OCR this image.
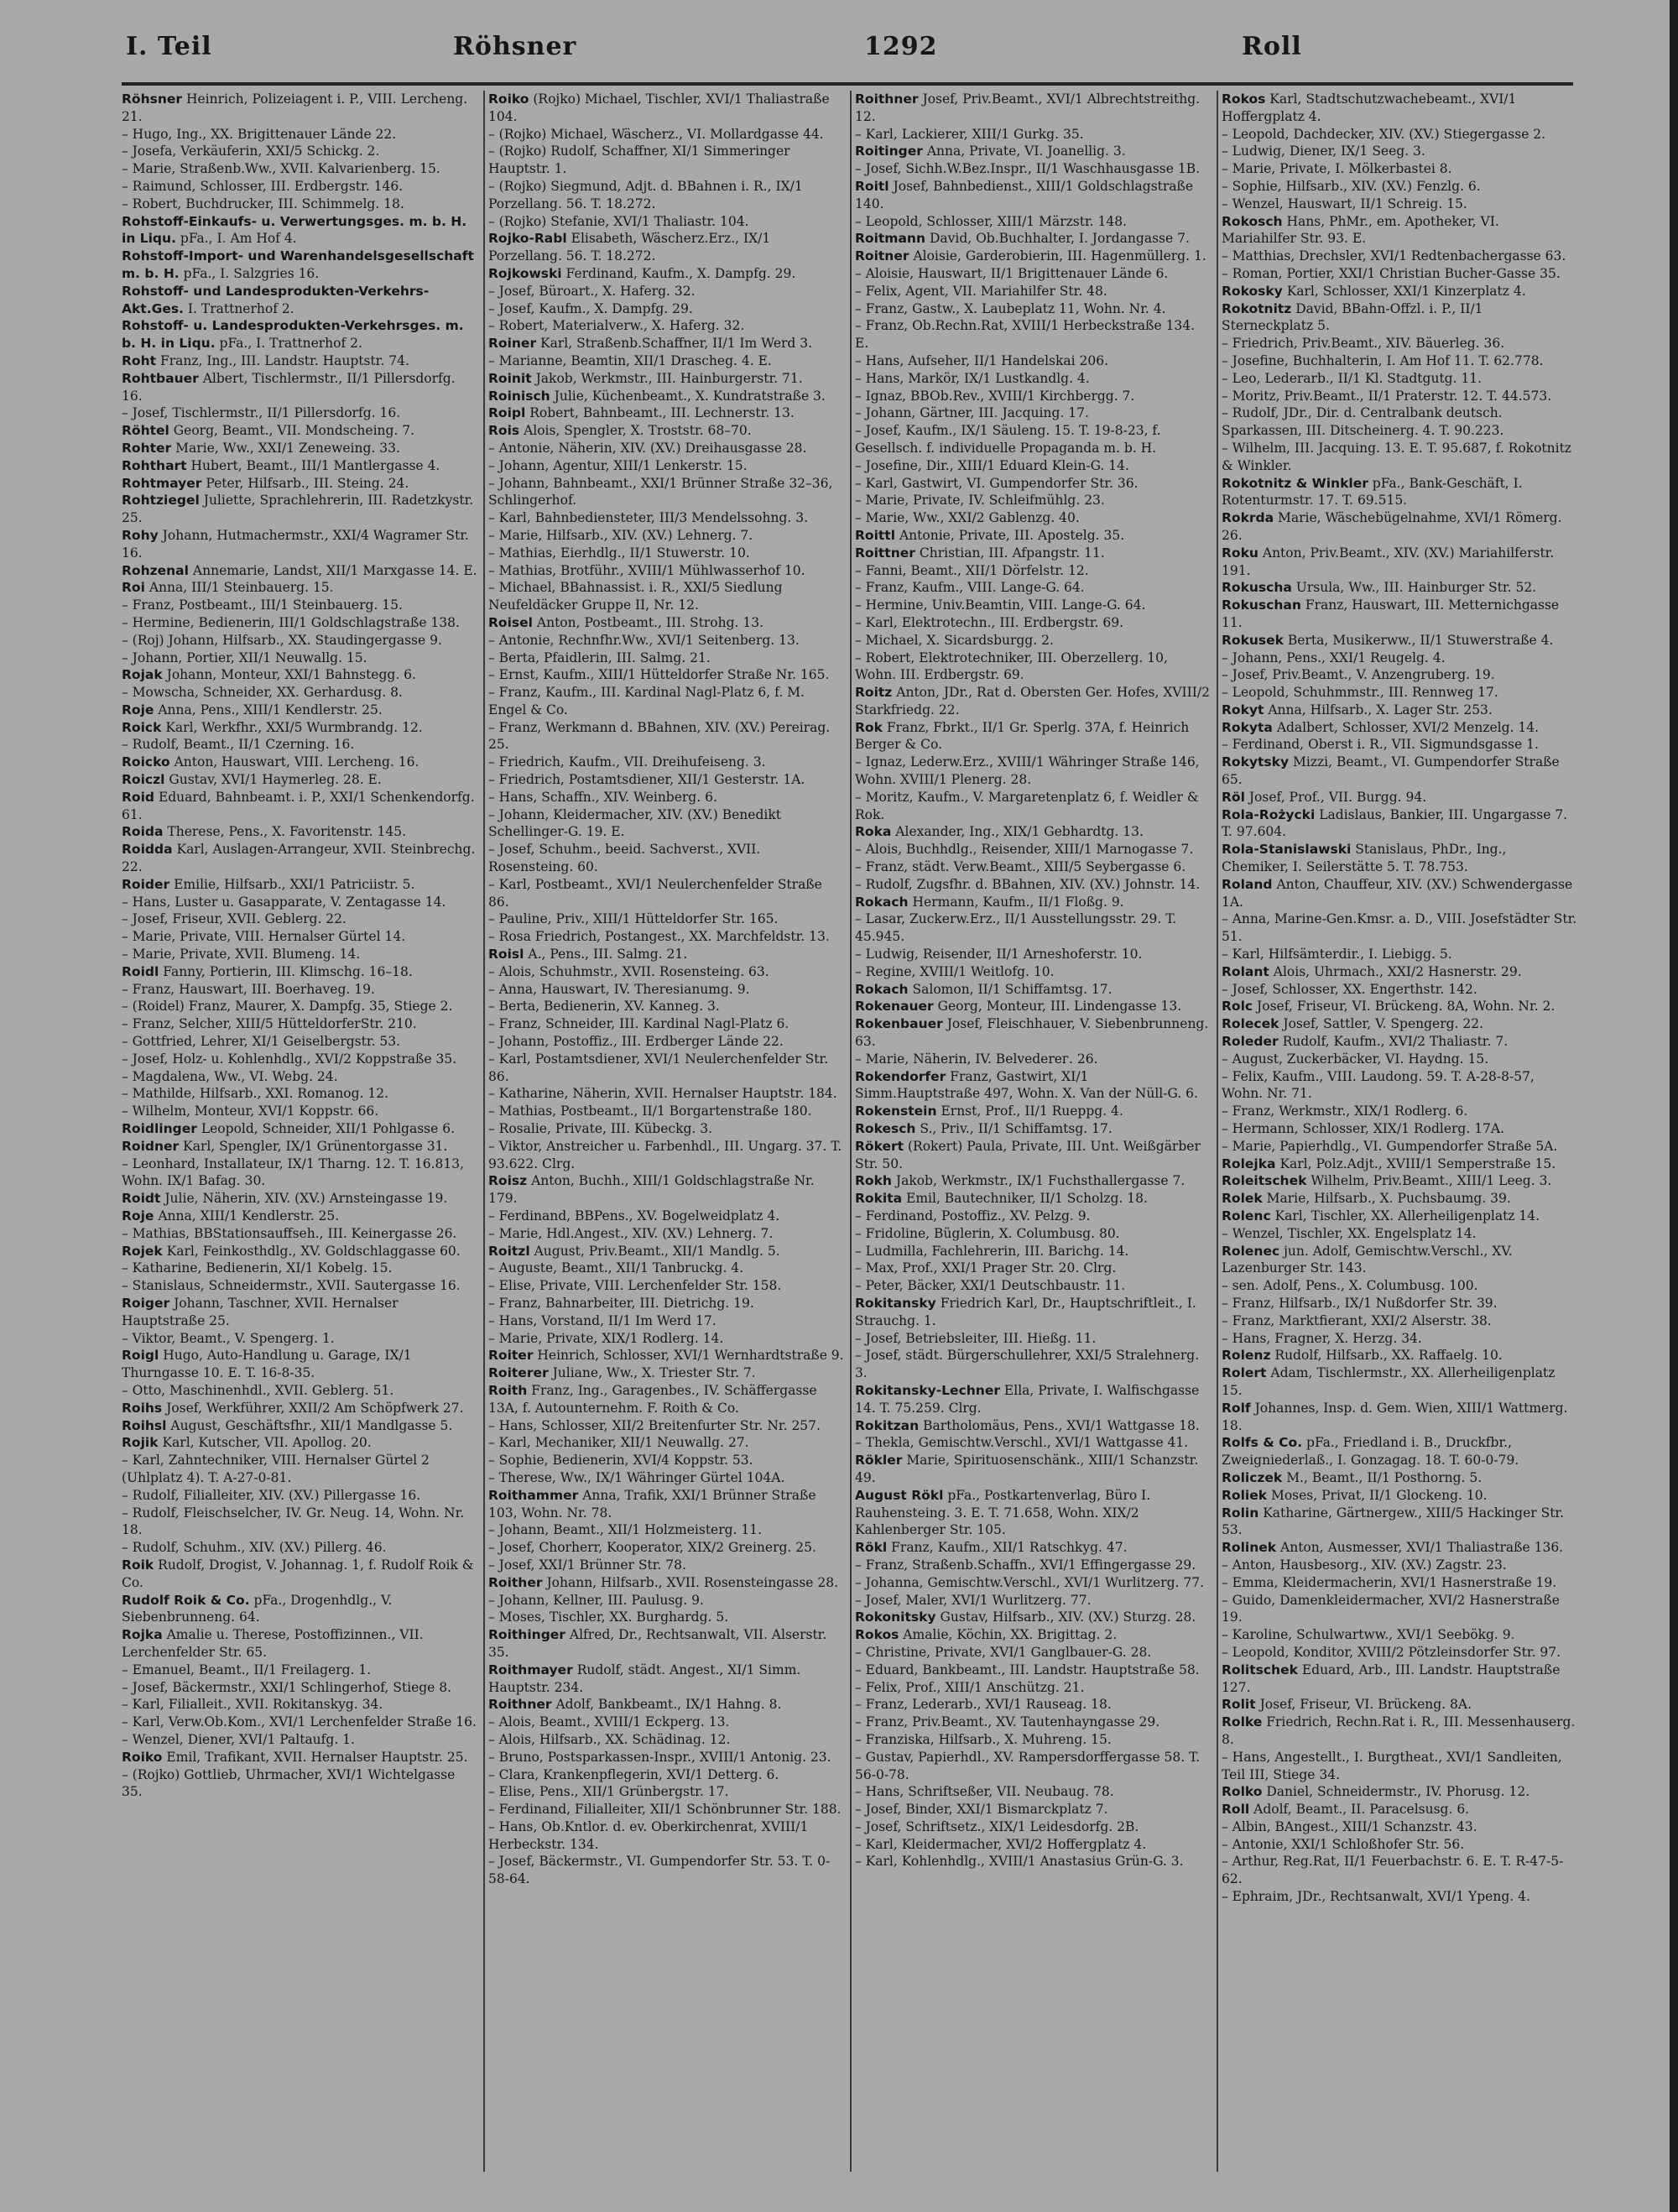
I. Teil	Röhsner	1292	Roll

Röhsner Heinrich, Polizeiagent i. P., VIII. Lercheng. 21.

– Hugo, Ing., XX. Brigittenauer Lände 22.

– Josefa, Verkäuferin, XXI/5 Schickg. 2.

– Marie, Straßenb.Ww., XVII. Kalvarienberg. 15.

– Raimund, Schlosser, III. Erdbergstr. 146.

– Robert, Buchdrucker, III. Schimmelg. 18.

Rohstoff-Einkaufs- u. Verwertungsges. m. b. H. in Liqu. pFa., I. Am Hof 4.

Rohstoff-Import- und Warenhandelsgesellschaft m. b. H. pFa., I. Salzgries 16.

Rohstoff- und Landesprodukten-Verkehrs-Akt.Ges. I. Trattnerhof 2.

Rohstoff- u. Landesprodukten-Verkehrsges. m. b. H. in Liqu. pFa., I. Trattnerhof 2.

Roht Franz, Ing., III. Landstr. Hauptstr. 74.

Rohtbauer Albert, Tischlermstr., II/1 Pillersdorfg. 16.

– Josef, Tischlermstr., II/1 Pillersdorfg. 16.

Röhtel Georg, Beamt., VII. Mondscheing. 7.

Rohter Marie, Ww., XXI/1 Zeneweing. 33.

Rohthart Hubert, Beamt., III/1 Mantlergasse 4.

Rohtmayer Peter, Hilfsarb., III. Steing. 24.

Rohtziegel Juliette, Sprachlehrerin, III. Radetzkystr. 25.

Rohy Johann, Hutmachermstr., XXI/4 Wagramer Str. 16.

Rohzenal Annemarie, Landst, XII/1 Marxgasse 14. E.

Roi Anna, III/1 Steinbauerg. 15.

– Franz, Postbeamt., III/1 Steinbauerg. 15.

– Hermine, Bedienerin, III/1 Goldschlagstraße 138.

– (Roj) Johann, Hilfsarb., XX. Staudingergasse 9.

– Johann, Portier, XII/1 Neuwallg. 15.

Rojak Johann, Monteur, XXI/1 Bahnstegg. 6.

– Mowscha, Schneider, XX. Gerhardusg. 8.

Roje Anna, Pens., XIII/1 Kendlerstr. 25.

Roick Karl, Werkfhr., XXI/5 Wurmbrandg. 12.

– Rudolf, Beamt., II/1 Czerning. 16.

Roicko Anton, Hauswart, VIII. Lercheng. 16.

Roiczl Gustav, XVI/1 Haymerleg. 28. E.

Roid Eduard, Bahnbeamt. i. P., XXI/1 Schenkendorfg. 61.

Roida Therese, Pens., X. Favoritenstr. 145.

Roidda Karl, Auslagen-Arrangeur, XVII. Steinbrechg. 22.

Roider Emilie, Hilfsarb., XXI/1 Patriciistr. 5.

– Hans, Luster u. Gasapparate, V. Zentagasse 14.

– Josef, Friseur, XVII. Geblerg. 22.

– Marie, Private, VIII. Hernalser Gürtel 14.

– Marie, Private, XVII. Blumeng. 14.

Roidl Fanny, Portierin, III. Klimschg. 16–18.

– Franz, Hauswart, III. Boerhaveg. 19.

– (Roidel) Franz, Maurer, X. Dampfg. 35, Stiege 2.

– Franz, Selcher, XIII/5 HütteldorferStr. 210.

– Gottfried, Lehrer, XI/1 Geiselbergstr. 53.

– Josef, Holz- u. Kohlenhdlg., XVI/2 Koppstraße 35.

– Magdalena, Ww., VI. Webg. 24.

– Mathilde, Hilfsarb., XXI. Romanog. 12.

– Wilhelm, Monteur, XVI/1 Koppstr. 66.

Roidlinger Leopold, Schneider, XII/1 Pohlgasse 6.

Roidner Karl, Spengler, IX/1 Grünentorgasse 31.

– Leonhard, Installateur, IX/1 Tharng. 12. T. 16.813, Wohn. IX/1 Bafag. 30.

Roidt Julie, Näherin, XIV. (XV.) Arnsteingasse 19.

Roje Anna, XIII/1 Kendlerstr. 25.

– Mathias, BBStationsauffseh., III. Keinergasse 26.

Rojek Karl, Feinkosthdlg., XV. Goldschlaggasse 60.

– Katharine, Bedienerin, XI/1 Kobelg. 15.

– Stanislaus, Schneidermstr., XVII. Sautergasse 16.

Roiger Johann, Taschner, XVII. Hernalser Hauptstraße 25.

– Viktor, Beamt., V. Spengerg. 1.

Roigl Hugo, Auto-Handlung u. Garage, IX/1 Thurngasse 10. E. T. 16-8-35.

– Otto, Maschinenhdl., XVII. Geblerg. 51.

Roihs Josef, Werkführer, XXII/2 Am Schöpfwerk 27.

Roihsl August, Geschäftsfhr., XII/1 Mandlgasse 5.

Rojik Karl, Kutscher, VII. Apollog. 20.

– Karl, Zahntechniker, VIII. Hernalser Gürtel 2 (Uhlplatz 4). T. A-27-0-81.

– Rudolf, Filialleiter, XIV. (XV.) Pillergasse 16.

– Rudolf, Fleischselcher, IV. Gr. Neug. 14, Wohn. Nr. 18.

– Rudolf, Schuhm., XIV. (XV.) Pillerg. 46.

Roik Rudolf, Drogist, V. Johannag. 1, f. Rudolf Roik & Co.

Rudolf Roik & Co. pFa., Drogenhdlg., V. Siebenbrunneng. 64.

Rojka Amalie u. Therese, Postoffizinnen., VII. Lerchenfelder Str. 65.

– Emanuel, Beamt., II/1 Freilagerg. 1.

– Josef, Bäckermstr., XXI/1 Schlingerhof, Stiege 8.

– Karl, Filialleit., XVII. Rokitanskyg. 34.

– Karl, Verw.Ob.Kom., XVI/1 Lerchenfelder Straße 16.

– Wenzel, Diener, XVI/1 Paltaufg. 1.

Roiko Emil, Trafikant, XVII. Hernalser Hauptstr. 25.

– (Rojko) Gottlieb, Uhrmacher, XVI/1 Wichtelgasse 35.

Roiko (Rojko) Michael, Tischler, XVI/1 Thaliastraße 104.

– (Rojko) Michael, Wäscherz., VI. Mollardgasse 44.

– (Rojko) Rudolf, Schaffner, XI/1 Simmeringer Hauptstr. 1.

– (Rojko) Siegmund, Adjt. d. BBahnen i. R., IX/1 Porzellang. 56. T. 18.272.

– (Rojko) Stefanie, XVI/1 Thaliastr. 104.

Rojko-Rabl Elisabeth, Wäscherz.Erz., IX/1 Porzellang. 56. T. 18.272.

Rojkowski Ferdinand, Kaufm., X. Dampfg. 29.

– Josef, Büroart., X. Haferg. 32.

– Josef, Kaufm., X. Dampfg. 29.

– Robert, Materialverw., X. Haferg. 32.

Roiner Karl, Straßenb.Schaffner, II/1 Im Werd 3.

– Marianne, Beamtin, XII/1 Drascheg. 4. E.

Roinit Jakob, Werkmstr., III. Hainburgerstr. 71.

Roinisch Julie, Küchenbeamt., X. Kundratstraße 3.

Roipl Robert, Bahnbeamt., III. Lechnerstr. 13.

Rois Alois, Spengler, X. Troststr. 68–70.

– Antonie, Näherin, XIV. (XV.) Dreihausgasse 28.

– Johann, Agentur, XIII/1 Lenkerstr. 15.

– Johann, Bahnbeamt., XXI/1 Brünner Straße 32–36, Schlingerhof.

– Karl, Bahnbediensteter, III/3 Mendelssohng. 3.

– Marie, Hilfsarb., XIV. (XV.) Lehnerg. 7.

– Mathias, Eierhdlg., II/1 Stuwerstr. 10.

– Mathias, Brotführ., XVIII/1 Mühlwasserhof 10.

– Michael, BBahnassist. i. R., XXI/5 Siedlung Neufeldäcker Gruppe II, Nr. 12.

Roisel Anton, Postbeamt., III. Strohg. 13.

– Antonie, Rechnfhr.Ww., XVI/1 Seitenberg. 13.

– Berta, Pfaidlerin, III. Salmg. 21.

– Ernst, Kaufm., XIII/1 Hütteldorfer Straße Nr. 165.

– Franz, Kaufm., III. Kardinal Nagl-Platz 6, f. M. Engel & Co.

– Franz, Werkmann d. BBahnen, XIV. (XV.) Pereirag. 25.

– Friedrich, Kaufm., VII. Dreihufeiseng. 3.

– Friedrich, Postamtsdiener, XII/1 Gesterstr. 1A.

– Hans, Schaffn., XIV. Weinberg. 6.

– Johann, Kleidermacher, XIV. (XV.) Benedikt Schellinger-G. 19. E.

– Josef, Schuhm., beeid. Sachverst., XVII. Rosensteing. 60.

– Karl, Postbeamt., XVI/1 Neulerchenfelder Straße 86.

– Pauline, Priv., XIII/1 Hütteldorfer Str. 165.

– Rosa Friedrich, Postangest., XX. Marchfeldstr. 13.

Roisl A., Pens., III. Salmg. 21.

– Alois, Schuhmstr., XVII. Rosensteing. 63.

– Anna, Hauswart, IV. Theresianumg. 9.

– Berta, Bedienerin, XV. Kanneg. 3.

– Franz, Schneider, III. Kardinal Nagl-Platz 6.

– Johann, Postoffiz., III. Erdberger Lände 22.

– Karl, Postamtsdiener, XVI/1 Neulerchenfelder Str. 86.

– Katharine, Näherin, XVII. Hernalser Hauptstr. 184.

– Mathias, Postbeamt., II/1 Borgartenstraße 180.

– Rosalie, Private, III. Kübeckg. 3.

– Viktor, Anstreicher u. Farbenhdl., III. Ungarg. 37. T. 93.622. Clrg.

Roisz Anton, Buchh., XIII/1 Goldschlagstraße Nr. 179.

– Ferdinand, BBPens., XV. Bogelweidplatz 4.

– Marie, Hdl.Angest., XIV. (XV.) Lehnerg. 7.

Roitzl August, Priv.Beamt., XII/1 Mandlg. 5.

– Auguste, Beamt., XII/1 Tanbruckg. 4.

– Elise, Private, VIII. Lerchenfelder Str. 158.

– Franz, Bahnarbeiter, III. Dietrichg. 19.

– Hans, Vorstand, II/1 Im Werd 17.

– Marie, Private, XIX/1 Rodlerg. 14.

Roiter Heinrich, Schlosser, XVI/1 Wernhardtstraße 9.

Roiterer Juliane, Ww., X. Triester Str. 7.

Roith Franz, Ing., Garagenbes., IV. Schäffergasse 13A, f. Autounternehm. F. Roith & Co.

– Hans, Schlosser, XII/2 Breitenfurter Str. Nr. 257.

– Karl, Mechaniker, XII/1 Neuwallg. 27.

– Sophie, Bedienerin, XVI/4 Koppstr. 53.

– Therese, Ww., IX/1 Währinger Gürtel 104A.

Roithammer Anna, Trafik, XXI/1 Brünner Straße 103, Wohn. Nr. 78.

– Johann, Beamt., XII/1 Holzmeisterg. 11.

– Josef, Chorherr, Kooperator, XIX/2 Greinerg. 25.

– Josef, XXI/1 Brünner Str. 78.

Roither Johann, Hilfsarb., XVII. Rosensteingasse 28.

– Johann, Kellner, III. Paulusg. 9.

– Moses, Tischler, XX. Burghardg. 5.

Roithinger Alfred, Dr., Rechtsanwalt, VII. Alserstr. 35.

Roithmayer Rudolf, städt. Angest., XI/1 Simm. Hauptstr. 234.

Roithner Adolf, Bankbeamt., IX/1 Hahng. 8.

– Alois, Beamt., XVIII/1 Eckperg. 13.

– Alois, Hilfsarb., XX. Schädinag. 12.

– Bruno, Postsparkassen-Inspr., XVIII/1 Antonig. 23.

– Clara, Krankenpflegerin, XVI/1 Detterg. 6.

– Elise, Pens., XII/1 Grünbergstr. 17.

– Ferdinand, Filialleiter, XII/1 Schönbrunner Str. 188.

– Hans, Ob.Kntlor. d. ev. Oberkirchenrat, XVIII/1 Herbeckstr. 134.

– Josef, Bäckermstr., VI. Gumpendorfer Str. 53. T. 0-58-64.

Roithner Josef, Priv.Beamt., XVI/1 Albrechtstreithg. 12.

– Karl, Lackierer, XIII/1 Gurkg. 35.

Roitinger Anna, Private, VI. Joanellig. 3.

– Josef, Sichh.W.Bez.Inspr., II/1 Waschhausgasse 1B.

Roitl Josef, Bahnbedienst., XIII/1 Goldschlagstraße 140.

– Leopold, Schlosser, XIII/1 Märzstr. 148.

Roitmann David, Ob.Buchhalter, I. Jordangasse 7.

Roitner Aloisie, Garderobierin, III. Hagenmüllerg. 1.

– Aloisie, Hauswart, II/1 Brigittenauer Lände 6.

– Felix, Agent, VII. Mariahilfer Str. 48.

– Franz, Gastw., X. Laubeplatz 11, Wohn. Nr. 4.

– Franz, Ob.Rechn.Rat, XVIII/1 Herbeckstraße 134. E.

– Hans, Aufseher, II/1 Handelskai 206.

– Hans, Markör, IX/1 Lustkandlg. 4.

– Ignaz, BBOb.Rev., XVIII/1 Kirchbergg. 7.

– Johann, Gärtner, III. Jacquing. 17.

– Josef, Kaufm., IX/1 Säuleng. 15. T. 19-8-23, f. Gesellsch. f. individuelle Propaganda m. b. H.

– Josefine, Dir., XIII/1 Eduard Klein-G. 14.

– Karl, Gastwirt, VI. Gumpendorfer Str. 36.

– Marie, Private, IV. Schleifmühlg. 23.

– Marie, Ww., XXI/2 Gablenzg. 40.

Roittl Antonie, Private, III. Apostelg. 35.

Roittner Christian, III. Afpangstr. 11.

– Fanni, Beamt., XII/1 Dörfelstr. 12.

– Franz, Kaufm., VIII. Lange-G. 64.

– Hermine, Univ.Beamtin, VIII. Lange-G. 64.

– Karl, Elektrotechn., III. Erdbergstr. 69.

– Michael, X. Sicardsburgg. 2.

– Robert, Elektrotechniker, III. Oberzellerg. 10, Wohn. III. Erdbergstr. 69.

Roitz Anton, JDr., Rat d. Obersten Ger. Hofes, XVIII/2 Starkfriedg. 22.

Rok Franz, Fbrkt., II/1 Gr. Sperlg. 37A, f. Heinrich Berger & Co.

– Ignaz, Lederw.Erz., XVIII/1 Währinger Straße 146, Wohn. XVIII/1 Plenerg. 28.

– Moritz, Kaufm., V. Margaretenplatz 6, f. Weidler & Rok.

Roka Alexander, Ing., XIX/1 Gebhardtg. 13.

– Alois, Buchhdlg., Reisender, XIII/1 Marnogasse 7.

– Franz, städt. Verw.Beamt., XIII/5 Seybergasse 6.

– Rudolf, Zugsfhr. d. BBahnen, XIV. (XV.) Johnstr. 14.

Rokach Hermann, Kaufm., II/1 Floßg. 9.

– Lasar, Zuckerw.Erz., II/1 Ausstellungsstr. 29. T. 45.945.

– Ludwig, Reisender, II/1 Arneshoferstr. 10.

– Regine, XVIII/1 Weitlofg. 10.

Rokach Salomon, II/1 Schiffamtsg. 17.

Rokenauer Georg, Monteur, III. Lindengasse 13.

Rokenbauer Josef, Fleischhauer, V. Siebenbrunneng. 63.

– Marie, Näherin, IV. Belvederег. 26.

Rokendorfer Franz, Gastwirt, XI/1 Simm.Hauptstraße 497, Wohn. X. Van der Nüll-G. 6.

Rokenstein Ernst, Prof., II/1 Rueppg. 4.

Rokesch S., Priv., II/1 Schiffamtsg. 17.

Rökert (Rokert) Paula, Private, III. Unt. Weißgärber Str. 50.

Rokh Jakob, Werkmstr., IX/1 Fuchsthallergasse 7.

Rokita Emil, Bautechniker, II/1 Scholzg. 18.

– Ferdinand, Postoffiz., XV. Pelzg. 9.

– Fridoline, Büglerin, X. Columbusg. 80.

– Ludmilla, Fachlehrerin, III. Barichg. 14.

– Max, Prof., XXI/1 Prager Str. 20. Clrg.

– Peter, Bäcker, XXI/1 Deutschbaustr. 11.

Rokitansky Friedrich Karl, Dr., Hauptschriftleit., I. Strauchg. 1.

– Josef, Betriebsleiter, III. Hießg. 11.

– Josef, städt. Bürgerschullehrer, XXI/5 Stralehnerg. 3.

Rokitansky-Lechner Ella, Private, I. Walfischgasse 14. T. 75.259. Clrg.

Rokitzan Bartholomäus, Pens., XVI/1 Wattgasse 18.

– Thekla, Gemischtw.Verschl., XVI/1 Wattgasse 41.

Rökler Marie, Spirituosenschänk., XIII/1 Schanzstr. 49.

August Rökl pFa., Postkartenverlag, Büro I. Rauhensteing. 3. E. T. 71.658, Wohn. XIX/2 Kahlenberger Str. 105.

Rökl Franz, Kaufm., XII/1 Ratschkyg. 47.

– Franz, Straßenb.Schaffn., XVI/1 Effingergasse 29.

– Johanna, Gemischtw.Verschl., XVI/1 Wurlitzerg. 77.

– Josef, Maler, XVI/1 Wurlitzerg. 77.

Rokonitsky Gustav, Hilfsarb., XIV. (XV.) Sturzg. 28.

Rokos Amalie, Köchin, XX. Brigittag. 2.

– Christine, Private, XVI/1 Ganglbauer-G. 28.

– Eduard, Bankbeamt., III. Landstr. Hauptstraße 58.

– Felix, Prof., XIII/1 Anschützg. 21.

– Franz, Lederarb., XVI/1 Rauseag. 18.

– Franz, Priv.Beamt., XV. Tautenhayngasse 29.

– Franziska, Hilfsarb., X. Muhreng. 15.

– Gustav, Papierhdl., XV. Rampersdorffergasse 58. T. 56-0-78.

– Hans, Schriftseßer, VII. Neubaug. 78.

– Josef, Binder, XXI/1 Bismarckplatz 7.

– Josef, Schriftsetz., XIX/1 Leidesdorfg. 2B.

– Karl, Kleidermacher, XVI/2 Hoffergplatz 4.

– Karl, Kohlenhdlg., XVIII/1 Anastasius Grün-G. 3.

Rokos Karl, Stadtschutzwachebeamt., XVI/1 Hoffergplatz 4.

– Leopold, Dachdecker, XIV. (XV.) Stiegergasse 2.

– Ludwig, Diener, IX/1 Seeg. 3.

– Marie, Private, I. Mölkerbastei 8.

– Sophie, Hilfsarb., XIV. (XV.) Fenzlg. 6.

– Wenzel, Hauswart, II/1 Schreig. 15.

Rokosch Hans, PhMr., em. Apotheker, VI. Mariahilfer Str. 93. E.

– Matthias, Drechsler, XVI/1 Redtenbachergasse 63.

– Roman, Portier, XXI/1 Christian Bucher-Gasse 35.

Rokosky Karl, Schlosser, XXI/1 Kinzerplatz 4.

Rokotnitz David, BBahn-Offzl. i. P., II/1 Sterneckplatz 5.

– Friedrich, Priv.Beamt., XIV. Bäuerlеg. 36.

– Josefine, Buchhalterin, I. Am Hof 11. T. 62.778.

– Leo, Lederarb., II/1 Kl. Stadtgutg. 11.

– Moritz, Priv.Beamt., II/1 Praterstr. 12. T. 44.573.

– Rudolf, JDr., Dir. d. Centralbank deutsch. Sparkassen, III. Ditscheinerg. 4. T. 90.223.

– Wilhelm, III. Jacquing. 13. E. T. 95.687, f. Rokotnitz & Winkler.

Rokotnitz & Winkler pFa., Bank-Geschäft, I. Rotenturmstr. 17. T. 69.515.

Rokrda Marie, Wäschebügelnahme, XVI/1 Römerg. 26.

Roku Anton, Priv.Beamt., XIV. (XV.) Mariahilferstr. 191.

Rokuscha Ursula, Ww., III. Hainburger Str. 52.

Rokuschan Franz, Hauswart, III. Metternichgasse 11.

Rokusek Berta, Musikerww., II/1 Stuwerstraße 4.

– Johann, Pens., XXI/1 Reugelg. 4.

– Josef, Priv.Beamt., V. Anzengruberg. 19.

– Leopold, Schuhmmstr., III. Rennweg 17.

Rokyt Anna, Hilfsarb., X. Lager Str. 253.

Rokyta Adalbert, Schlosser, XVI/2 Menzelg. 14.

– Ferdinand, Oberst i. R., VII. Sigmundsgasse 1.

Rokytsky Mizzi, Beamt., VI. Gumpendorfer Straße 65.

Röl Josef, Prof., VII. Burgg. 94.

Rola-Rożycki Ladislaus, Bankier, III. Ungargasse 7. T. 97.604.

Rola-Stanislawski Stanislaus, PhDr., Ing., Chemiker, I. Seilerstätte 5. T. 78.753.

Roland Anton, Chauffeur, XIV. (XV.) Schwendergasse 1A.

– Anna, Marine-Gen.Kmsr. a. D., VIII. Josefstädter Str. 51.

– Karl, Hilfsämterdir., I. Liebigg. 5.

Rolant Alois, Uhrmach., XXI/2 Hasnerstr. 29.

– Josef, Schlosser, XX. Engerthstr. 142.

Rolc Josef, Friseur, VI. Brückeng. 8A, Wohn. Nr. 2.

Rolecek Josef, Sattler, V. Spengerg. 22.

Roleder Rudolf, Kaufm., XVI/2 Thaliastr. 7.

– August, Zuckerbäcker, VI. Haydng. 15.

– Felix, Kaufm., VIII. Laudong. 59. T. A-28-8-57, Wohn. Nr. 71.

– Franz, Werkmstr., XIX/1 Rodlerg. 6.

– Hermann, Schlosser, XIX/1 Rodlerg. 17A.

– Marie, Papierhdlg., VI. Gumpendorfer Straße 5A.

Rolejka Karl, Polz.Adjt., XVIII/1 Semperstraße 15.

Roleitschek Wilhelm, Priv.Beamt., XIII/1 Leeg. 3.

Rolek Marie, Hilfsarb., X. Puchsbaumg. 39.

Rolenc Karl, Tischler, XX. Allerheiligenplatz 14.

– Wenzel, Tischler, XX. Engelsplatz 14.

Rolenec jun. Adolf, Gemischtw.Verschl., XV. Lazenburger Str. 143.

– sen. Adolf, Pens., X. Columbusg. 100.

– Franz, Hilfsarb., IX/1 Nußdorfer Str. 39.

– Franz, Marktfierant, XXI/2 Alserstr. 38.

– Hans, Fragner, X. Herzg. 34.

Rolenz Rudolf, Hilfsarb., XX. Raffaelg. 10.

Rolert Adam, Tischlermstr., XX. Allerheiligenplatz 15.

Rolf Johannes, Insp. d. Gem. Wien, XIII/1 Wattmerg. 18.

Rolfs & Co. pFa., Friedland i. B., Druckfbr., Zweigniederlaß., I. Gonzagag. 18. T. 60-0-79.

Roliczek M., Beamt., II/1 Posthorng. 5.

Roliek Moses, Privat, II/1 Glockeng. 10.

Rolin Katharine, Gärtnergew., XIII/5 Hackinger Str. 53.

Rolinek Anton, Ausmesser, XVI/1 Thaliastraße 136.

– Anton, Hausbesorg., XIV. (XV.) Zagstr. 23.

– Emma, Kleidermacherin, XVI/1 Hasnerstraße 19.

– Guido, Damenkleidermacher, XVI/2 Hasnerstraße 19.

– Karoline, Schulwartww., XVI/1 Seebökg. 9.

– Leopold, Konditor, XVIII/2 Pötzleinsdorfer Str. 97.

Rolitschek Eduard, Arb., III. Landstr. Hauptstraße 127.

Rolit Josef, Friseur, VI. Brückeng. 8A.

Rolke Friedrich, Rechn.Rat i. R., III. Messenhauserg. 8.

– Hans, Angestellt., I. Burgtheat., XVI/1 Sandleiten, Teil III, Stiege 34.

Rolko Daniel, Schneidermstr., IV. Phorusg. 12.

Roll Adolf, Beamt., II. Paracelsusg. 6.

– Albin, BAngest., XIII/1 Schanzstr. 43.

– Antonie, XXI/1 Schloßhofer Str. 56.

– Arthur, Reg.Rat, II/1 Feuerbachstr. 6. E. T. R-47-5-62.

– Ephraim, JDr., Rechtsanwalt, XVI/1 Ypeng. 4.
